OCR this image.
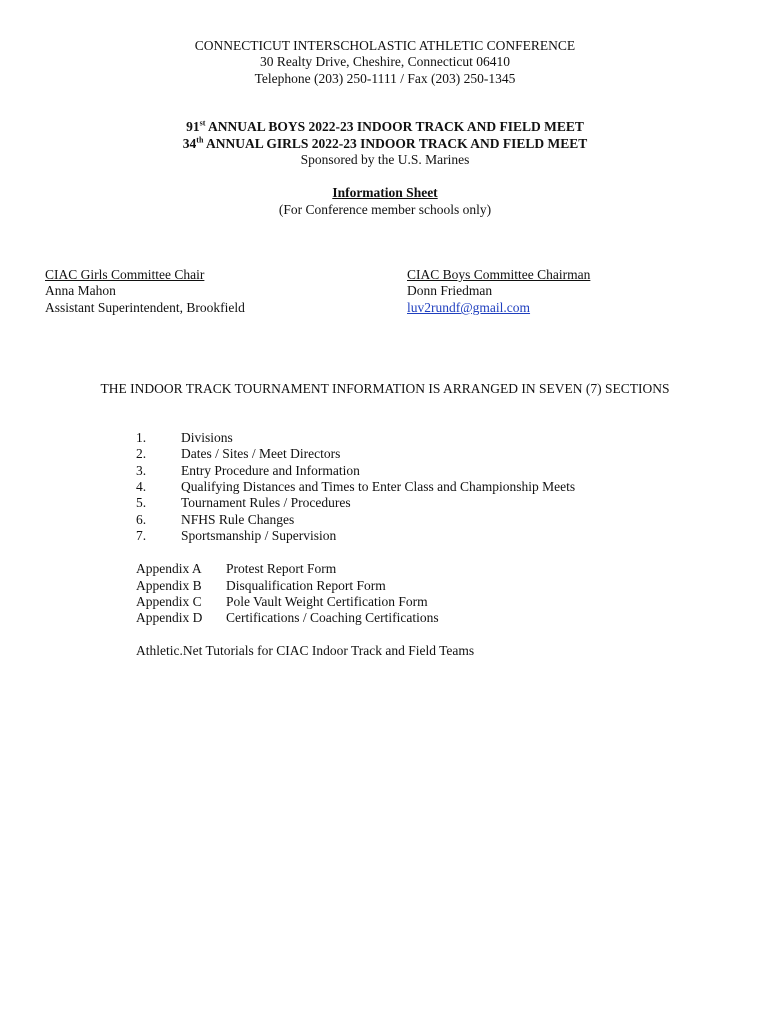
CONNECTICUT INTERSCHOLASTIC ATHLETIC CONFERENCE
30 Realty Drive, Cheshire, Connecticut 06410
Telephone (203) 250-1111 / Fax (203) 250-1345
91st ANNUAL BOYS 2022-23 INDOOR TRACK AND FIELD MEET
34th ANNUAL GIRLS 2022-23 INDOOR TRACK AND FIELD MEET
Sponsored by the U.S. Marines
Information Sheet
(For Conference member schools only)
CIAC Girls Committee Chair
Anna Mahon
Assistant Superintendent, Brookfield
CIAC Boys Committee Chairman
Donn Friedman
luv2rundf@gmail.com
THE INDOOR TRACK TOURNAMENT INFORMATION IS ARRANGED IN SEVEN (7) SECTIONS
1.	Divisions
2.	Dates / Sites / Meet Directors
3.	Entry Procedure and Information
4.	Qualifying Distances and Times to Enter Class and Championship Meets
5.	Tournament Rules / Procedures
6.	NFHS Rule Changes
7.	Sportsmanship / Supervision
Appendix A Protest Report Form
Appendix B Disqualification Report Form
Appendix C Pole Vault Weight Certification Form
Appendix D Certifications / Coaching Certifications
Athletic.Net Tutorials for CIAC Indoor Track and Field Teams
